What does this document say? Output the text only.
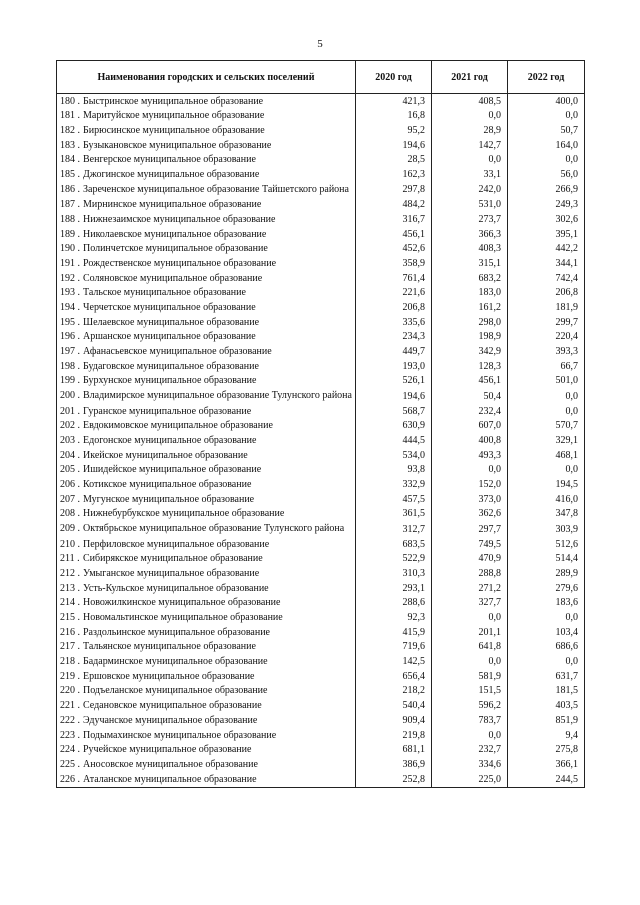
5
Наименования городских и сельских поселений	2020 год	2021 год	2022 год
180 . Быстринское муниципальное образование	421,3	408,5	400,0
181 . Маритуйское муниципальное образование	16,8	0,0	0,0
182 . Бирюсинское муниципальное образование	95,2	28,9	50,7
183 . Бузыкановское муниципальное образование	194,6	142,7	164,0
184 . Венгерское муниципальное образование	28,5	0,0	0,0
185 . Джогинское муниципальное образование	162,3	33,1	56,0

186 . Зареченское муниципальное образование Тайшетского района	297,8	242,0	266,9
187 . Мирнинское муниципальное образование	484,2	531,0	249,3
188 . Нижнезаимское муниципальное образование	316,7	273,7	302,6
189 . Николаевское муниципальное образование	456,1	366,3	395,1
190 . Полинчетское муниципальное образование	452,6	408,3	442,2
191 . Рождественское муниципальное образование	358,9	315,1	344,1
192 . Соляновское муниципальное образование	761,4	683,2	742,4
193 . Тальское муниципальное образование	221,6	183,0	206,8
194 . Черчетское муниципальное образование	206,8	161,2	181,9
195 . Шелаевское муниципальное образование	335,6	298,0	299,7
196 . Аршанское муниципальное образование	234,3	198,9	220,4
197 . Афанасьевское муниципальное образование	449,7	342,9	393,3
198 . Будаговское муниципальное образование	193,0	128,3	66,7
199 . Бурхунское муниципальное образование	526,1	456,1	501,0

200 . Владимирское муниципальное образование Тулунского района	194,6	50,4	0,0
201 . Гуранское муниципальное образование	568,7	232,4	0,0
202 . Евдокимовское муниципальное образование	630,9	607,0	570,7
203 . Едогонское муниципальное образование	444,5	400,8	329,1
204 . Икейское муниципальное образование	534,0	493,3	468,1
205 . Ишидейское муниципальное образование	93,8	0,0	0,0
206 . Котикское муниципальное образование	332,9	152,0	194,5
207 . Мугунское муниципальное образование	457,5	373,0	416,0
208 . Нижнебурбукское муниципальное образование	361,5	362,6	347,8

209 . Октябрьское муниципальное образование Тулунского района	312,7	297,7	303,9
210 . Перфиловское муниципальное образование	683,5	749,5	512,6
211 . Сибирякское муниципальное образование	522,9	470,9	514,4
212 . Умыганское муниципальное образование	310,3	288,8	289,9
213 . Усть-Кульское муниципальное образование	293,1	271,2	279,6
214 . Новожилкинское муниципальное образование	288,6	327,7	183,6
215 . Новомальтинское муниципальное образование	92,3	0,0	0,0
216 . Раздольинское муниципальное образование	415,9	201,1	103,4
217 . Тальянское муниципальное образование	719,6	641,8	686,6
218 . Бадарминское муниципальное образование	142,5	0,0	0,0
219 . Ершовское муниципальное образование	656,4	581,9	631,7
220 . Подъеланское муниципальное образование	218,2	151,5	181,5
221 . Седановское муниципальное образование	540,4	596,2	403,5
222 . Эдучанское муниципальное образование	909,4	783,7	851,9
223 . Подымахинское муниципальное образование	219,8	0,0	9,4
224 . Ручейское муниципальное образование	681,1	232,7	275,8
225 . Аносовское муниципальное образование	386,9	334,6	366,1
226 . Аталанское муниципальное образование	252,8	225,0	244,5
